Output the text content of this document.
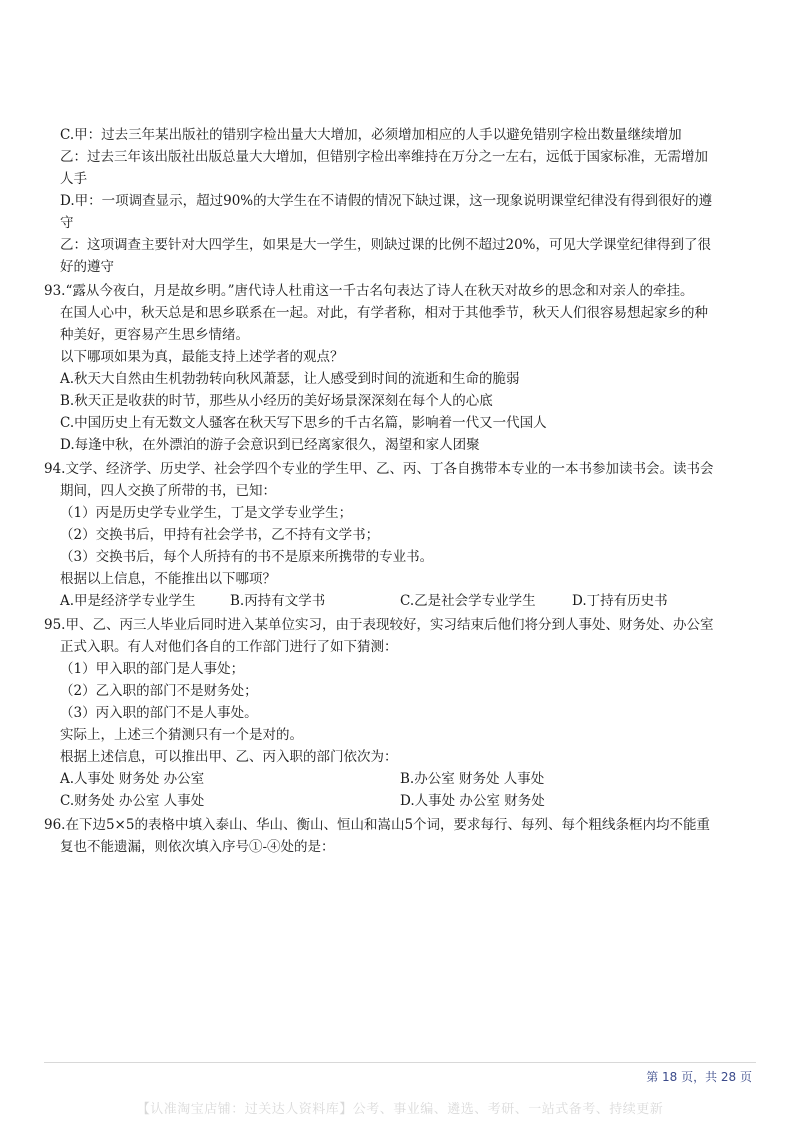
C.甲：过去三年某出版社的错别字检出量大大增加，必须增加相应的人手以避免错别字检出数量继续增加
乙：过去三年该出版社出版总量大大增加，但错别字检出率维持在万分之一左右，远低于国家标准，无需增加
人手
D.甲：一项调查显示，超过90%的大学生在不请假的情况下缺过课，这一现象说明课堂纪律没有得到很好的遵
守
乙：这项调查主要针对大四学生，如果是大一学生，则缺过课的比例不超过20%，可见大学课堂纪律得到了很
好的遵守
93.“露从今夜白，月是故乡明。”唐代诗人杜甫这一千古名句表达了诗人在秋天对故乡的思念和对亲人的牵挂。
在国人心中，秋天总是和思乡联系在一起。对此，有学者称，相对于其他季节，秋天人们很容易想起家乡的种
种美好，更容易产生思乡情绪。
以下哪项如果为真，最能支持上述学者的观点？
A.秋天大自然由生机勃勃转向秋风萧瑟，让人感受到时间的流逝和生命的脆弱
B.秋天正是收获的时节，那些从小经历的美好场景深深刻在每个人的心底
C.中国历史上有无数文人骚客在秋天写下思乡的千古名篇，影响着一代又一代国人
D.每逢中秋，在外漂泊的游子会意识到已经离家很久，渴望和家人团聚
94.文学、经济学、历史学、社会学四个专业的学生甲、乙、丙、丁各自携带本专业的一本书参加读书会。读书会
期间，四人交换了所带的书，已知：
（1）丙是历史学专业学生，丁是文学专业学生；
（2）交换书后，甲持有社会学书，乙不持有文学书；
（3）交换书后，每个人所持有的书不是原来所携带的专业书。
根据以上信息，不能推出以下哪项？
A.甲是经济学专业学生	B.丙持有文学书	C.乙是社会学专业学生	D.丁持有历史书
95.甲、乙、丙三人毕业后同时进入某单位实习，由于表现较好，实习结束后他们将分到人事处、财务处、办公室
正式入职。有人对他们各自的工作部门进行了如下猜测：
（1）甲入职的部门是人事处；
（2）乙入职的部门不是财务处；
（3）丙入职的部门不是人事处。
实际上，上述三个猜测只有一个是对的。
根据上述信息，可以推出甲、乙、丙入职的部门依次为：
A.人事处 财务处 办公室	B.办公室 财务处 人事处
C.财务处 办公室 人事处	D.人事处 办公室 财务处
96.在下边5×5的表格中填入泰山、华山、衡山、恒山和嵩山5个词，要求每行、每列、每个粗线条框内均不能重
复也不能遗漏，则依次填入序号①-④处的是：
第 18 页，共 28 页
【认准淘宝店铺：过关达人资料库】公考、事业编、遴选、考研、一站式备考、持续更新
